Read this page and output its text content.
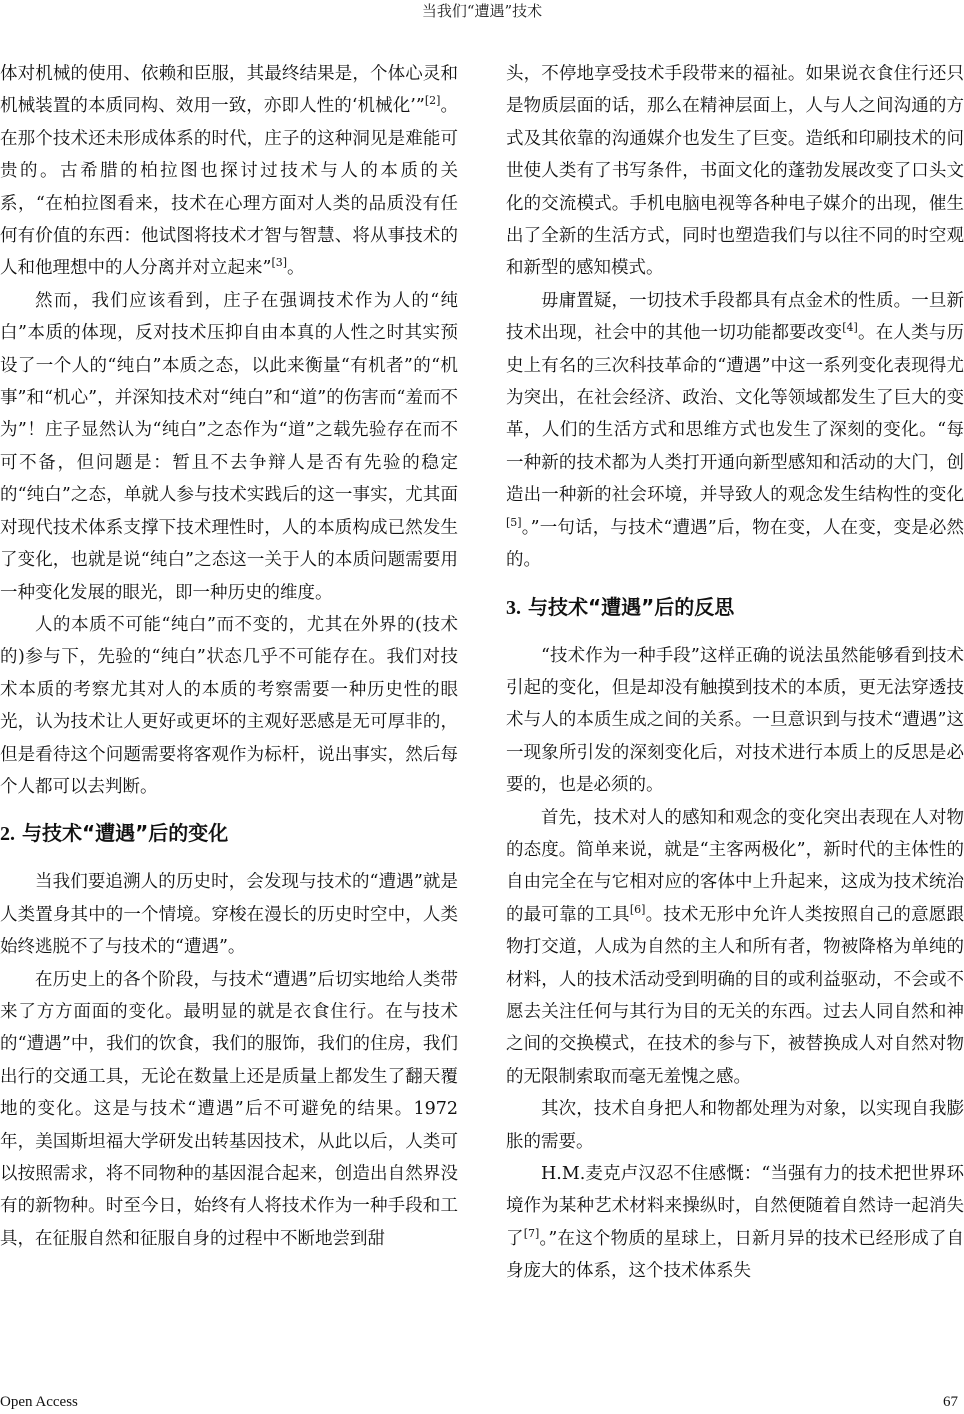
当我们“遭遇”技术

体对机械的使用、依赖和臣服，其最终结果是，个体心灵和机械装置的本质同构、效用一致，亦即人性的‘机械化’”[2]。在那个技术还未形成体系的时代，庄子的这种洞见是难能可贵的。古希腊的柏拉图也探讨过技术与人的本质的关系，“在柏拉图看来，技术在心理方面对人类的品质没有任何有价值的东西：他试图将技术才智与智慧、将从事技术的人和他理想中的人分离并对立起来”[3]。

然而，我们应该看到，庄子在强调技术作为人的“纯白”本质的体现，反对技术压抑自由本真的人性之时其实预设了一个人的“纯白”本质之态，以此来衡量“有机者”的“机事”和“机心”，并深知技术对“纯白”和“道”的伤害而“羞而不为”！庄子显然认为“纯白”之态作为“道”之载先验存在而不可不备，但问题是：暂且不去争辩人是否有先验的稳定的“纯白”之态，单就人参与技术实践后的这一事实，尤其面对现代技术体系支撑下技术理性时，人的本质构成已然发生了变化，也就是说“纯白”之态这一关于人的本质问题需要用一种变化发展的眼光，即一种历史的维度。

人的本质不可能“纯白”而不变的，尤其在外界的(技术的)参与下，先验的“纯白”状态几乎不可能存在。我们对技术本质的考察尤其对人的本质的考察需要一种历史性的眼光，认为技术让人更好或更坏的主观好恶感是无可厚非的，但是看待这个问题需要将客观作为标杆，说出事实，然后每个人都可以去判断。

2. 与技术“遭遇”后的变化

当我们要追溯人的历史时，会发现与技术的“遭遇”就是人类置身其中的一个情境。穿梭在漫长的历史时空中，人类始终逃脱不了与技术的“遭遇”。

在历史上的各个阶段，与技术“遭遇”后切实地给人类带来了方方面面的变化。最明显的就是衣食住行。在与技术的“遭遇”中，我们的饮食，我们的服饰，我们的住房，我们出行的交通工具，无论在数量上还是质量上都发生了翻天覆地的变化。这是与技术“遭遇”后不可避免的结果。1972年，美国斯坦福大学研发出转基因技术，从此以后，人类可以按照需求，将不同物种的基因混合起来，创造出自然界没有的新物种。时至今日，始终有人将技术作为一种手段和工具，在征服自然和征服自身的过程中不断地尝到甜

头，不停地享受技术手段带来的福祉。如果说衣食住行还只是物质层面的话，那么在精神层面上，人与人之间沟通的方式及其依靠的沟通媒介也发生了巨变。造纸和印刷技术的问世使人类有了书写条件，书面文化的蓬勃发展改变了口头文化的交流模式。手机电脑电视等各种电子媒介的出现，催生出了全新的生活方式，同时也塑造我们与以往不同的时空观和新型的感知模式。

毋庸置疑，一切技术手段都具有点金术的性质。一旦新技术出现，社会中的其他一切功能都要改变[4]。在人类与历史上有名的三次科技革命的“遭遇”中这一系列变化表现得尤为突出，在社会经济、政治、文化等领域都发生了巨大的变革，人们的生活方式和思维方式也发生了深刻的变化。“每一种新的技术都为人类打开通向新型感知和活动的大门，创造出一种新的社会环境，并导致人的观念发生结构性的变化[5]。”一句话，与技术“遭遇”后，物在变，人在变，变是必然的。

3. 与技术“遭遇”后的反思

“技术作为一种手段”这样正确的说法虽然能够看到技术引起的变化，但是却没有触摸到技术的本质，更无法穿透技术与人的本质生成之间的关系。一旦意识到与技术“遭遇”这一现象所引发的深刻变化后，对技术进行本质上的反思是必要的，也是必须的。

首先，技术对人的感知和观念的变化突出表现在人对物的态度。简单来说，就是“主客两极化”，新时代的主体性的自由完全在与它相对应的客体中上升起来，这成为技术统治的最可靠的工具[6]。技术无形中允许人类按照自己的意愿跟物打交道，人成为自然的主人和所有者，物被降格为单纯的材料，人的技术活动受到明确的目的或利益驱动，不会或不愿去关注任何与其行为目的无关的东西。过去人同自然和神之间的交换模式，在技术的参与下，被替换成人对自然对物的无限制索取而毫无羞愧之感。

其次，技术自身把人和物都处理为对象，以实现自我膨胀的需要。

H.M.麦克卢汉忍不住感慨：“当强有力的技术把世界环境作为某种艺术材料来操纵时，自然便随着自然诗一起消失了[7]。”在这个物质的星球上，日新月异的技术已经形成了自身庞大的体系，这个技术体系失

Open Access	67
